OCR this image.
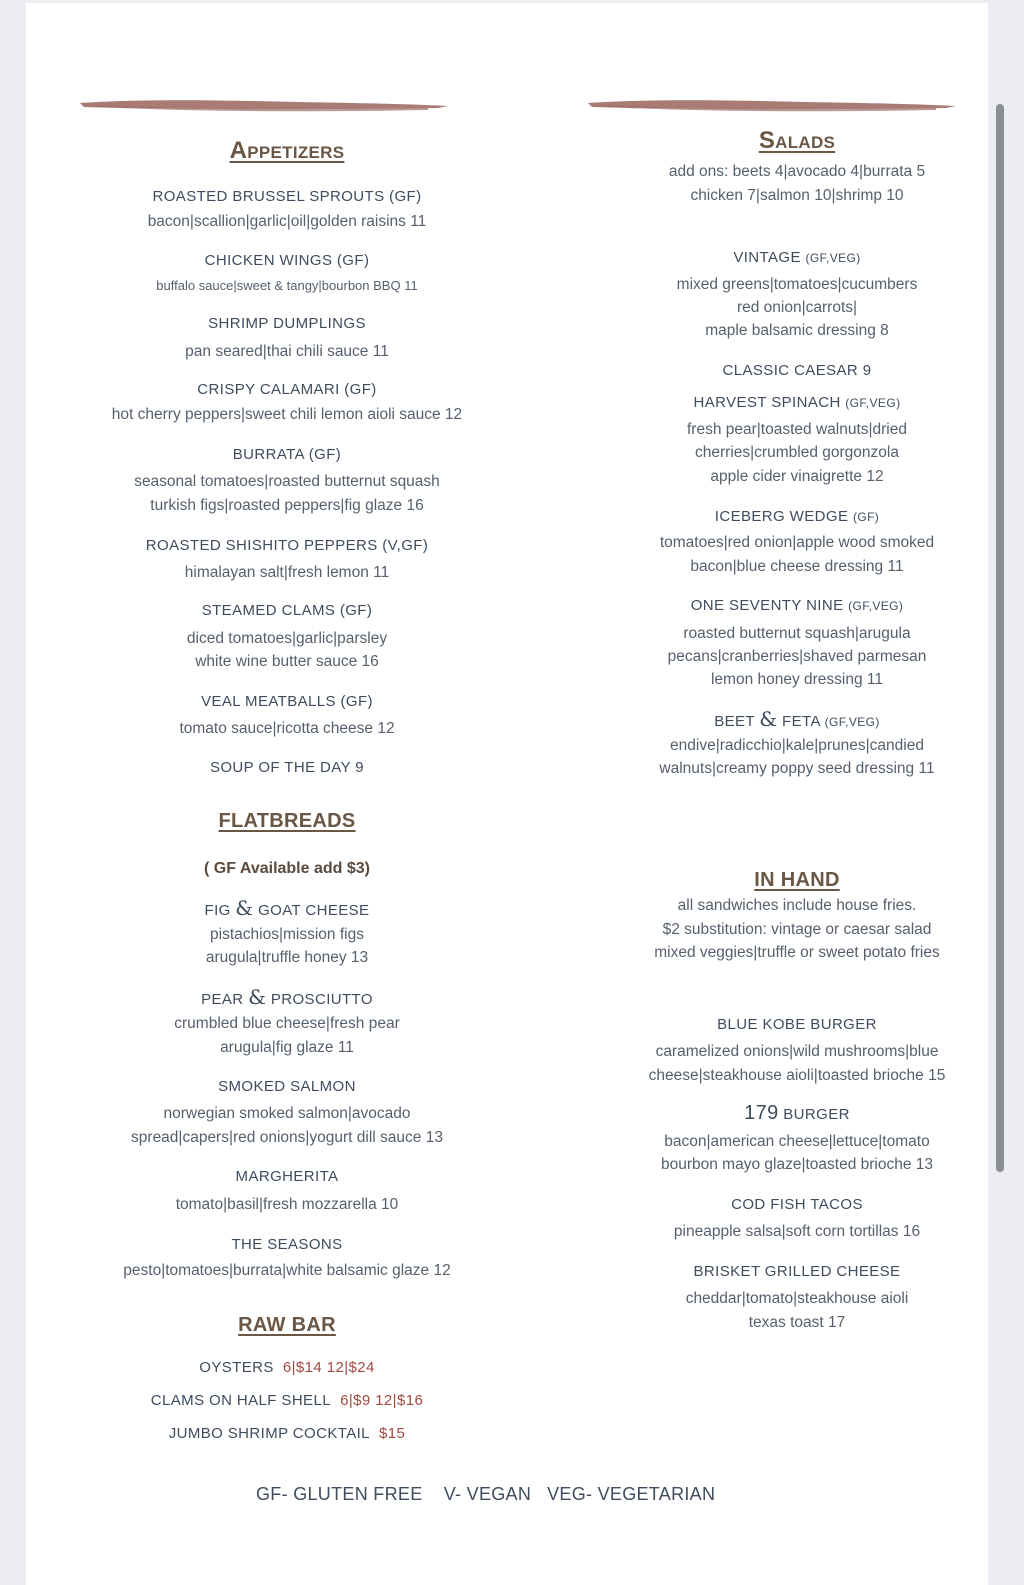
Appetizers
ROASTED BRUSSEL SPROUTS (GF)
bacon|scallion|garlic|oil|golden raisins 11
CHICKEN WINGS (GF)
buffalo sauce|sweet & tangy|bourbon BBQ 11
SHRIMP DUMPLINGS
pan seared|thai chili sauce 11
CRISPY CALAMARI (GF)
hot cherry peppers|sweet chili lemon aioli sauce 12
BURRATA (GF)
seasonal tomatoes|roasted butternut squash
turkish figs|roasted peppers|fig glaze 16
ROASTED SHISHITO PEPPERS (V,GF)
himalayan salt|fresh lemon 11
STEAMED CLAMS (GF)
diced tomatoes|garlic|parsley
white wine butter sauce 16
VEAL MEATBALLS (GF)
tomato sauce|ricotta cheese 12
SOUP OF THE DAY 9
FLATBREADS
( GF Available add $3)
FIG & GOAT CHEESE
pistachios|mission figs
arugula|truffle honey 13
PEAR & PROSCIUTTO
crumbled blue cheese|fresh pear
arugula|fig glaze 11
SMOKED SALMON
norwegian smoked salmon|avocado
spread|capers|red onions|yogurt dill sauce 13
MARGHERITA
tomato|basil|fresh mozzarella 10
THE SEASONS
pesto|tomatoes|burrata|white balsamic glaze 12
RAW BAR
OYSTERS 6|$14 12|$24
CLAMS ON HALF SHELL 6|$9 12|$16
JUMBO SHRIMP COCKTAIL $15
Salads
add ons: beets 4|avocado 4|burrata 5
chicken 7|salmon 10|shrimp 10
VINTAGE (GF,VEG)
mixed greens|tomatoes|cucumbers
red onion|carrots|
maple balsamic dressing 8
CLASSIC CAESAR 9
HARVEST SPINACH (GF,VEG)
fresh pear|toasted walnuts|dried
cherries|crumbled gorgonzola
apple cider vinaigrette 12
ICEBERG WEDGE (GF)
tomatoes|red onion|apple wood smoked
bacon|blue cheese dressing 11
ONE SEVENTY NINE (GF,VEG)
roasted butternut squash|arugula
pecans|cranberries|shaved parmesan
lemon honey dressing 11
BEET & FETA (GF,VEG)
endive|radicchio|kale|prunes|candied
walnuts|creamy poppy seed dressing 11
IN HAND
all sandwiches include house fries.
$2 substitution: vintage or caesar salad
mixed veggies|truffle or sweet potato fries
BLUE KOBE BURGER
caramelized onions|wild mushrooms|blue
cheese|steakhouse aioli|toasted brioche 15
179 BURGER
bacon|american cheese|lettuce|tomato
bourbon mayo glaze|toasted brioche 13
COD FISH TACOS
pineapple salsa|soft corn tortillas 16
BRISKET GRILLED CHEESE
cheddar|tomato|steakhouse aioli
texas toast 17
GF- GLUTEN FREE V- VEGAN VEG- VEGETARIAN
